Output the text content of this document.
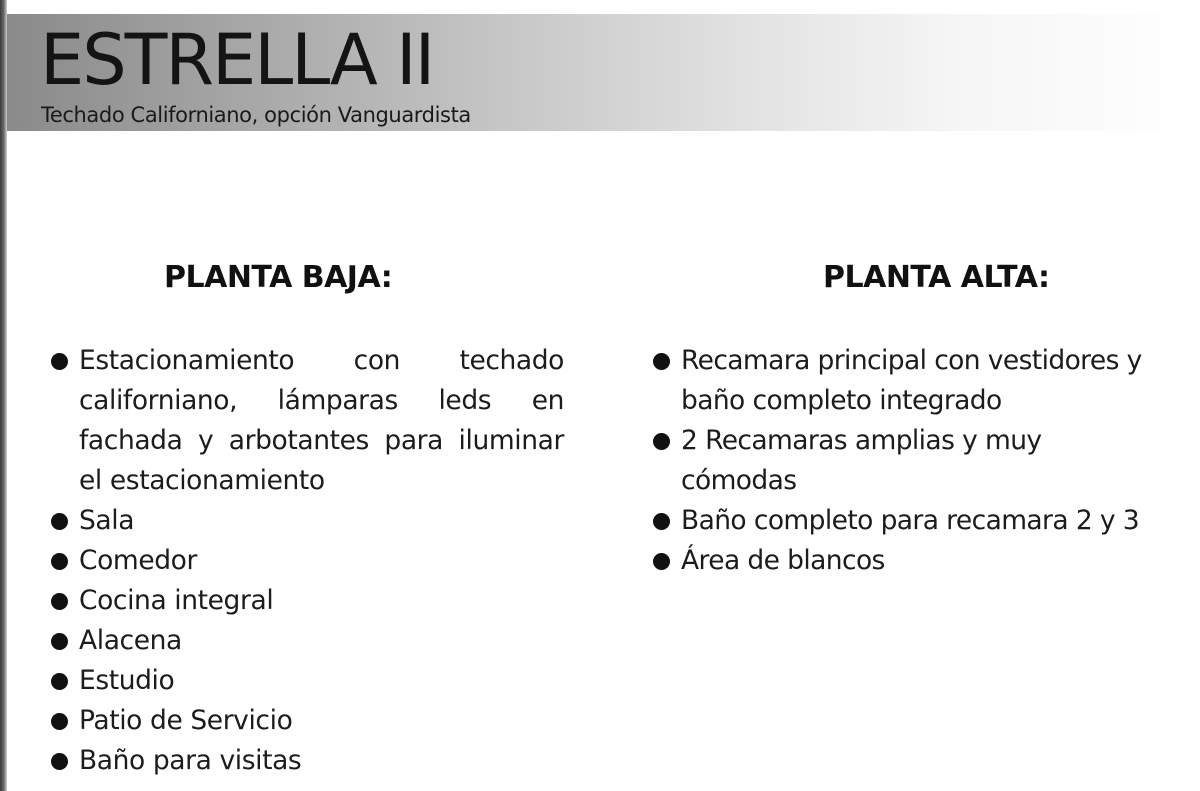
ESTRELLA II
Techado Californiano, opción Vanguardista
PLANTA BAJA:	PLANTA ALTA:
Estacionamiento con techado californiano, lámparas leds en fachada y arbotantes para iluminar el estacionamiento
Sala
Comedor
Cocina integral
Alacena
Estudio
Patio de Servicio
Baño para visitas
Recamara principal con vestidores y baño completo integrado
2 Recamaras amplias y muy cómodas
Baño completo para recamara 2 y 3
Área de blancos
